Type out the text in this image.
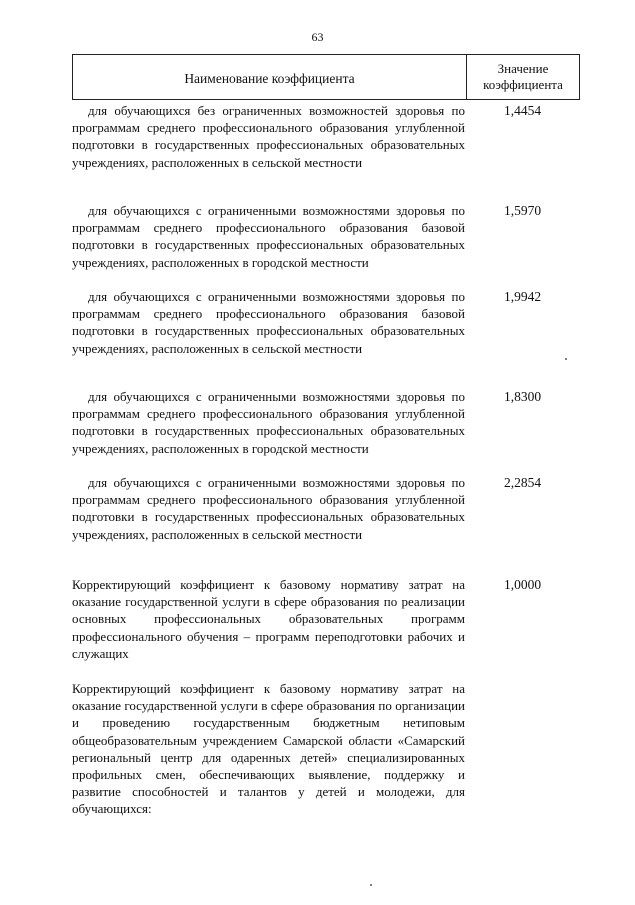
63
Наименование коэффициента
Значение коэффициента
для обучающихся без ограниченных возможностей здоровья по программам среднего профессионального образования углубленной подготовки в государственных профессиональных образовательных учреждениях, расположенных в сельской местности
1,4454
для обучающихся с ограниченными возможностями здоровья по программам среднего профессионального образования базовой подготовки в государственных профессиональных образовательных учреждениях, расположенных в городской местности
1,5970
для обучающихся с ограниченными возможностями здоровья по программам среднего профессионального образования базовой подготовки в государственных профессиональных образовательных учреждениях, расположенных в сельской местности
1,9942
для обучающихся с ограниченными возможностями здоровья по программам среднего профессионального образования углубленной подготовки в государственных профессиональных образовательных учреждениях, расположенных в городской местности
1,8300
для обучающихся с ограниченными возможностями здоровья по программам среднего профессионального образования углубленной подготовки в государственных профессиональных образовательных учреждениях, расположенных в сельской местности
2,2854
Корректирующий коэффициент к базовому нормативу затрат на оказание государственной услуги в сфере образования по реализации основных профессиональных образовательных программ профессионального обучения – программ переподготовки рабочих и служащих
1,0000
Корректирующий коэффициент к базовому нормативу затрат на оказание государственной услуги в сфере образования по организации и проведению государственным бюджетным нетиповым общеобразовательным учреждением Самарской области «Самарский региональный центр для одаренных детей» специализированных профильных смен, обеспечивающих выявление, поддержку и развитие способностей и талантов у детей и молодежи, для обучающихся:
